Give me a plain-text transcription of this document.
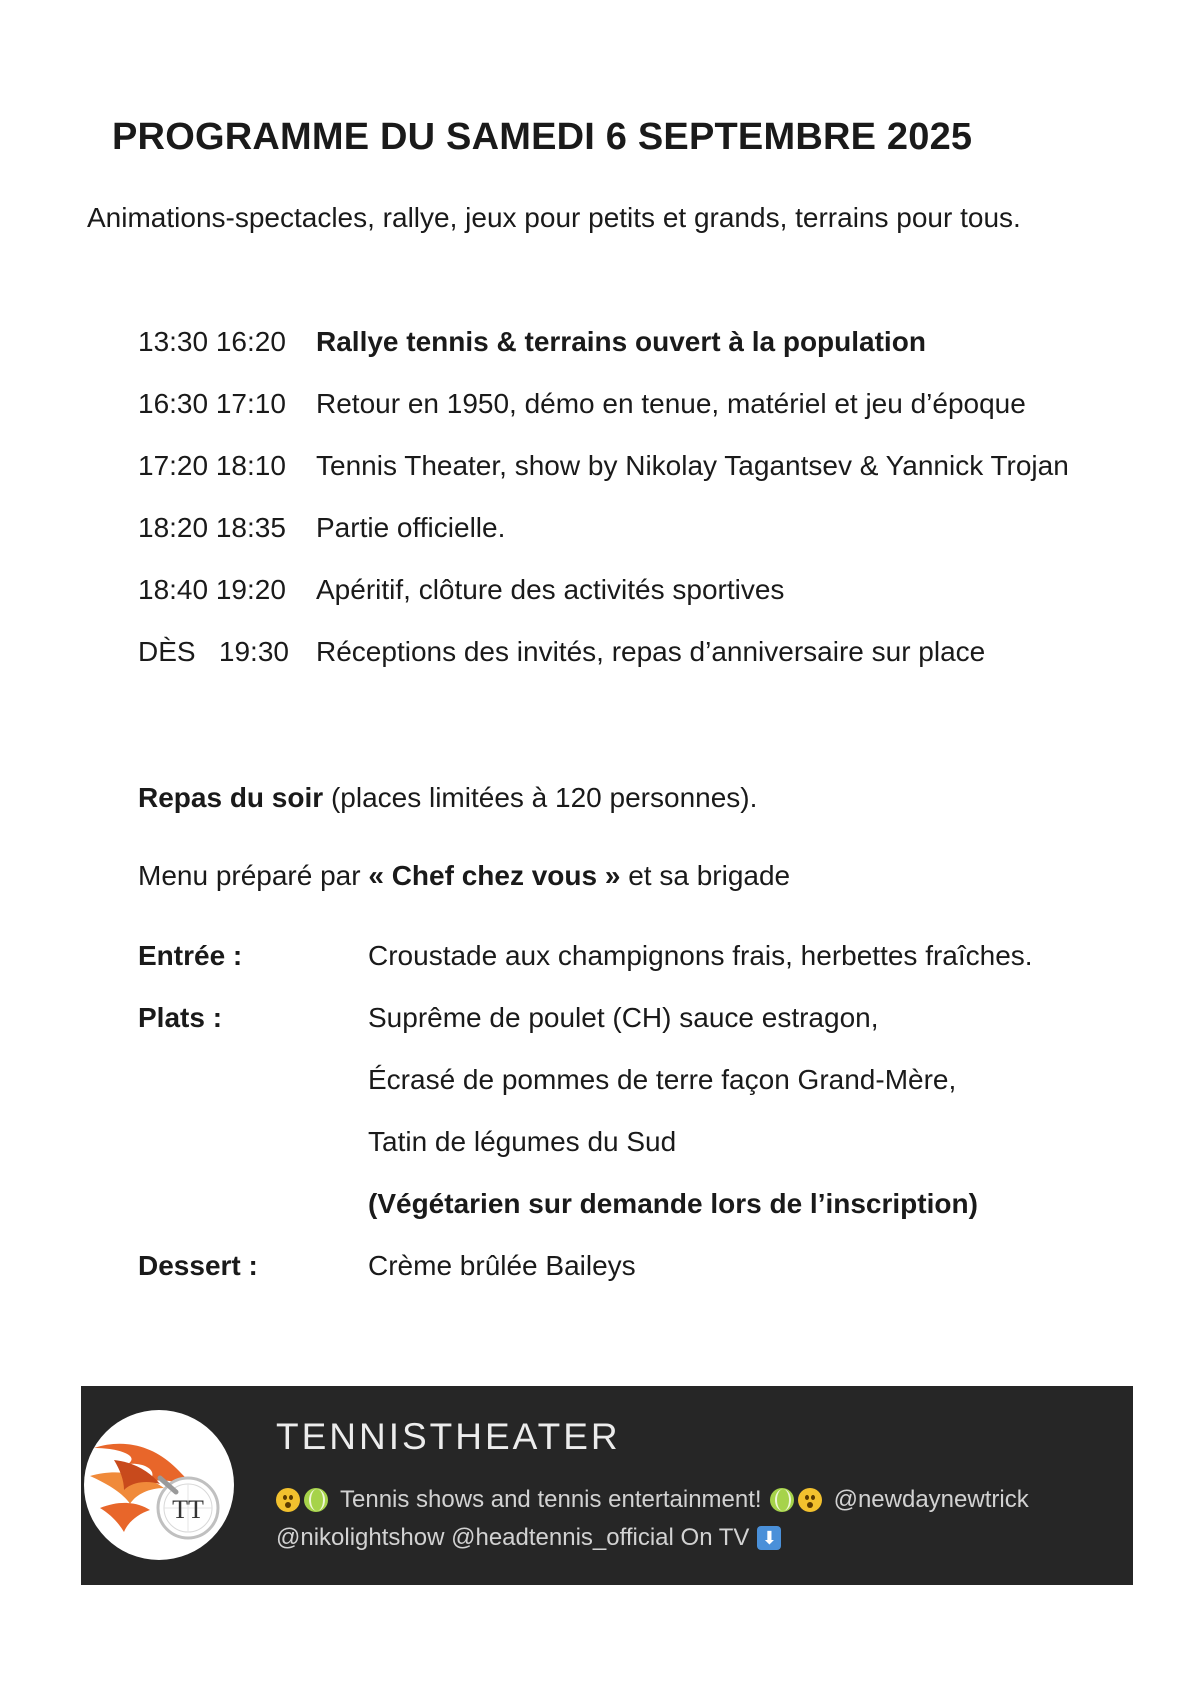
PROGRAMME DU SAMEDI 6 SEPTEMBRE 2025
Animations-spectacles, rallye, jeux pour petits et grands, terrains pour tous.
13:30 16:20	Rallye tennis & terrains ouvert à la population
16:30 17:10	Retour en 1950, démo en tenue, matériel et jeu d’époque
17:20 18:10	Tennis Theater, show by Nikolay Tagantsev & Yannick Trojan
18:20 18:35	Partie officielle.
18:40 19:20	Apéritif, clôture des activités sportives
DÈS   19:30 Réceptions des invités, repas d’anniversaire sur place
Repas du soir (places limitées à 120 personnes).
Menu préparé par « Chef chez vous » et sa brigade
Entrée :	Croustade aux champignons frais, herbettes fraîches.
Plats :	Suprême de poulet (CH) sauce estragon,
Écrasé de pommes de terre façon Grand-Mère,
Tatin de légumes du Sud
(Végétarien sur demande lors de l’inscription)
Dessert :	Crème brûlée Baileys
TT
TENNISTHEATER
Tennis shows and tennis entertainment!	@newdaynewtrick
@nikolightshow @headtennis_official On TV ⬇
